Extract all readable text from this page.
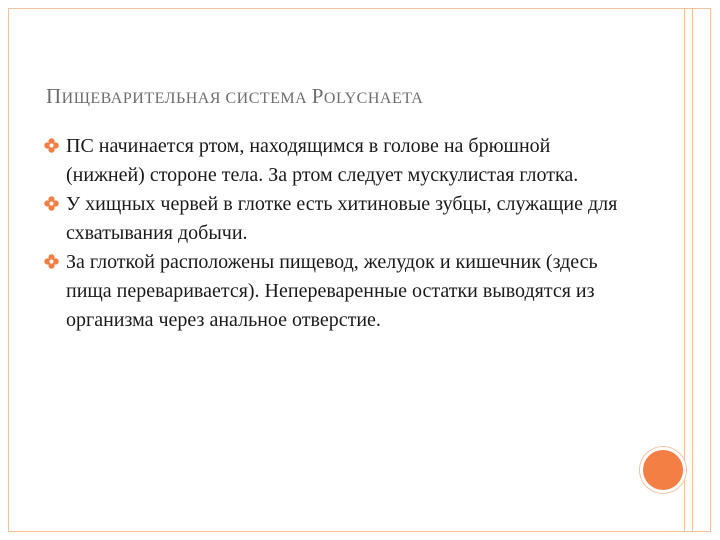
ПИЩЕВАРИТЕЛЬНАЯ СИСТЕМА POLYCHAETA
ПС начинается ртом, находящимся в голове на брюшной (нижней) стороне тела. За ртом следует мускулистая глотка.
У хищных червей в глотке есть хитиновые зубцы, служащие для схватывания добычи.
За глоткой расположены пищевод, желудок и кишечник (здесь пища переваривается). Непереваренные остатки выводятся из организма через анальное отверстие.
